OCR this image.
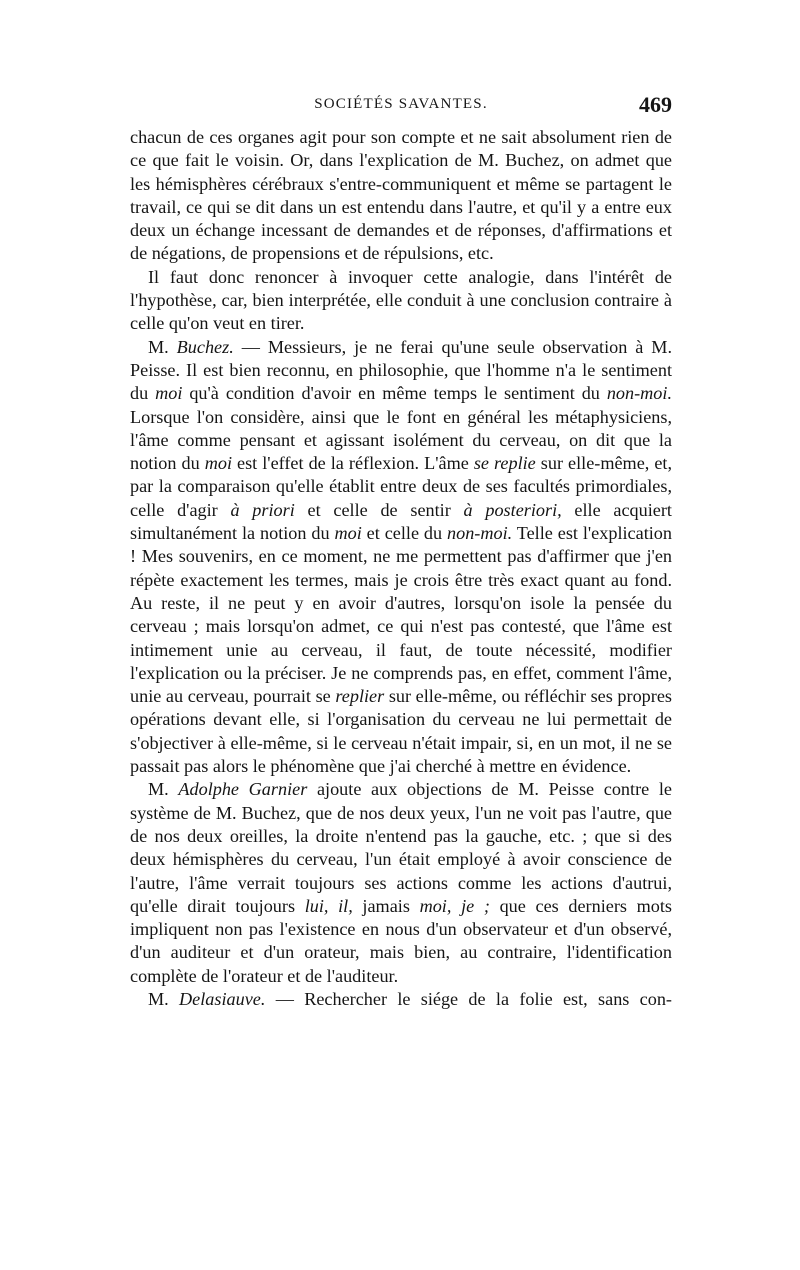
SOCIÉTÉS SAVANTES.	469

chacun de ces organes agit pour son compte et ne sait absolument rien de ce que fait le voisin. Or, dans l'explication de M. Buchez, on admet que les hémisphères cérébraux s'entre-communiquent et même se partagent le travail, ce qui se dit dans un est entendu dans l'autre, et qu'il y a entre eux deux un échange incessant de demandes et de réponses, d'affirmations et de négations, de propensions et de répulsions, etc.

Il faut donc renoncer à invoquer cette analogie, dans l'intérêt de l'hypothèse, car, bien interprétée, elle conduit à une conclusion contraire à celle qu'on veut en tirer.

M. Buchez. — Messieurs, je ne ferai qu'une seule observation à M. Peisse. Il est bien reconnu, en philosophie, que l'homme n'a le sentiment du moi qu'à condition d'avoir en même temps le sentiment du non-moi. Lorsque l'on considère, ainsi que le font en général les métaphysiciens, l'âme comme pensant et agissant isolément du cerveau, on dit que la notion du moi est l'effet de la réflexion. L'âme se replie sur elle-même, et, par la comparaison qu'elle établit entre deux de ses facultés primordiales, celle d'agir à priori et celle de sentir à posteriori, elle acquiert simultanément la notion du moi et celle du non-moi. Telle est l'explication ! Mes souvenirs, en ce moment, ne me permettent pas d'affirmer que j'en répète exactement les termes, mais je crois être très exact quant au fond. Au reste, il ne peut y en avoir d'autres, lorsqu'on isole la pensée du cerveau ; mais lorsqu'on admet, ce qui n'est pas contesté, que l'âme est intimement unie au cerveau, il faut, de toute nécessité, modifier l'explication ou la préciser. Je ne comprends pas, en effet, comment l'âme, unie au cerveau, pourrait se replier sur elle-même, ou réfléchir ses propres opérations devant elle, si l'organisation du cerveau ne lui permettait de s'objectiver à elle-même, si le cerveau n'était impair, si, en un mot, il ne se passait pas alors le phénomène que j'ai cherché à mettre en évidence.

M. Adolphe Garnier ajoute aux objections de M. Peisse contre le système de M. Buchez, que de nos deux yeux, l'un ne voit pas l'autre, que de nos deux oreilles, la droite n'entend pas la gauche, etc. ; que si des deux hémisphères du cerveau, l'un était employé à avoir conscience de l'autre, l'âme verrait toujours ses actions comme les actions d'autrui, qu'elle dirait toujours lui, il, jamais moi, je ; que ces derniers mots impliquent non pas l'existence en nous d'un observateur et d'un observé, d'un auditeur et d'un orateur, mais bien, au contraire, l'identification complète de l'orateur et de l'auditeur.

M. Delasiauve. — Rechercher le siége de la folie est, sans con-
